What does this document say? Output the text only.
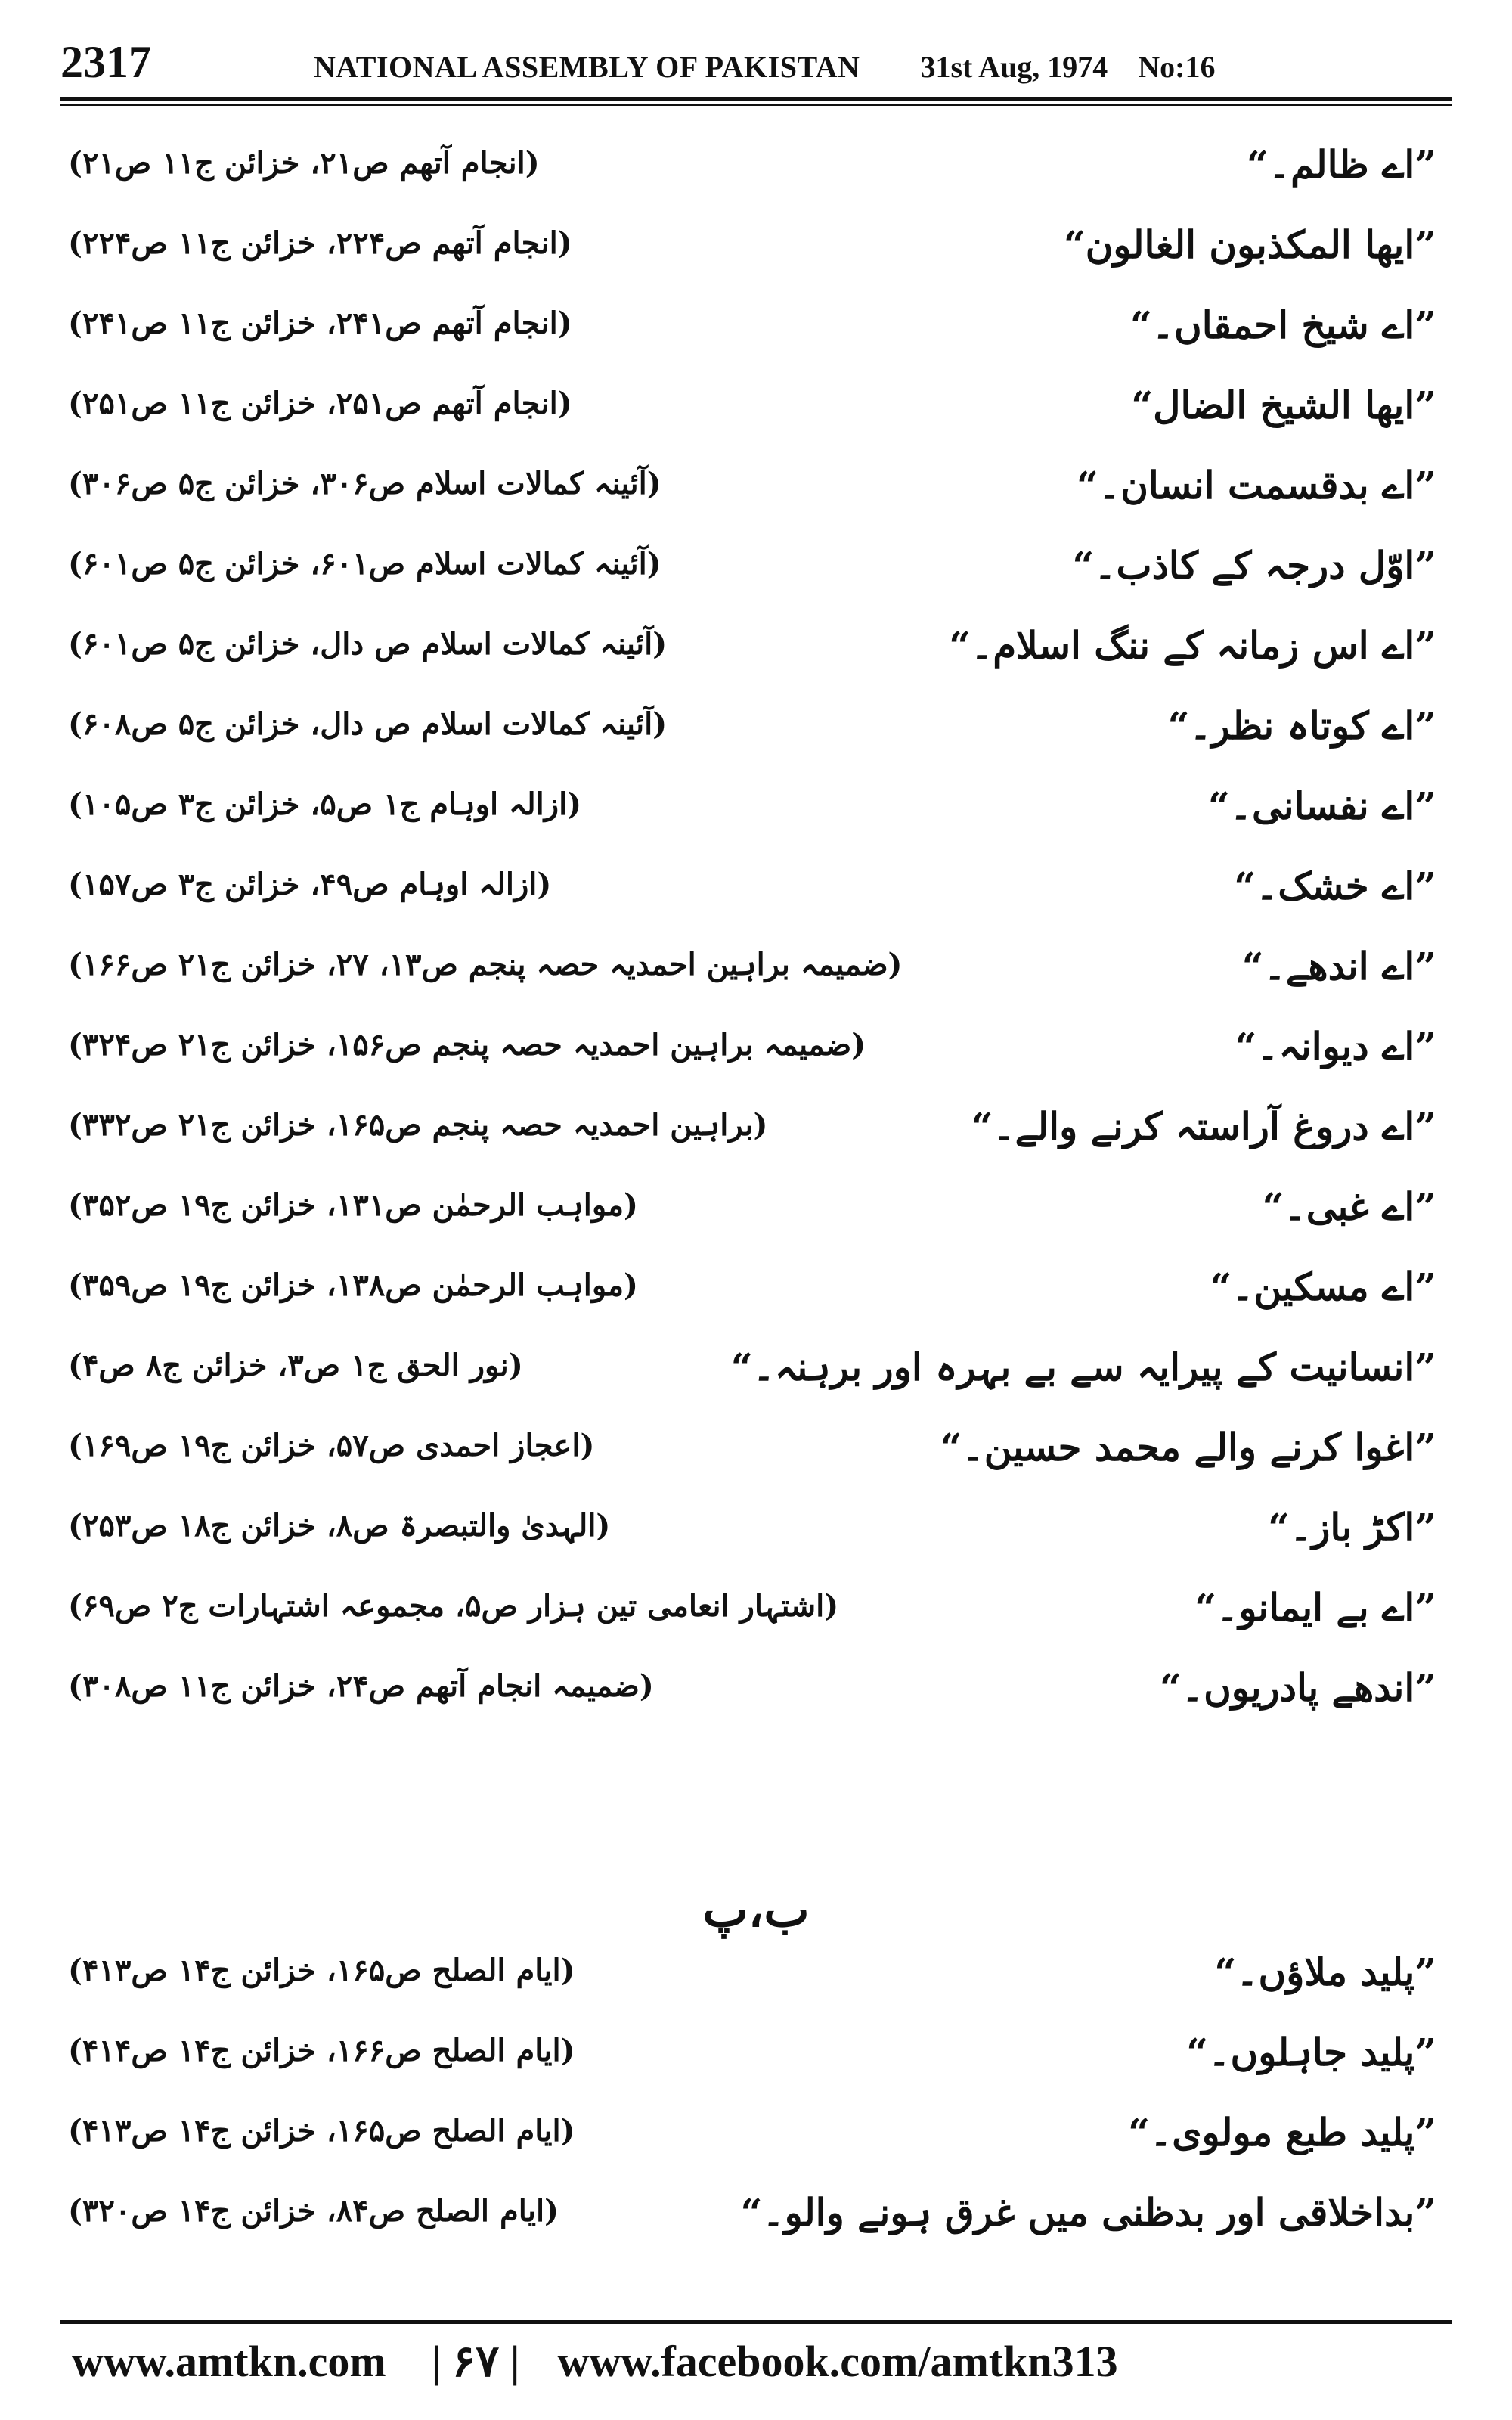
2317	NATIONAL ASSEMBLY OF PAKISTAN 31st Aug, 1974 No:16
”اے ظالم۔“
(انجام آتھم ص۲۱، خزائن ج۱۱ ص۲۱)
”ایھا المکذبون الغالون“
(انجام آتھم ص۲۲۴، خزائن ج۱۱ ص۲۲۴)
”اے شیخ احمقاں۔“
(انجام آتھم ص۲۴۱، خزائن ج۱۱ ص۲۴۱)
”ایھا الشیخ الضال“
(انجام آتھم ص۲۵۱، خزائن ج۱۱ ص۲۵۱)
”اے بدقسمت انسان۔“
(آئینہ کمالات اسلام ص۳۰۶، خزائن ج۵ ص۳۰۶)
”اوّل درجہ کے کاذب۔“
(آئینہ کمالات اسلام ص۶۰۱، خزائن ج۵ ص۶۰۱)
”اے اس زمانہ کے ننگ اسلام۔“
(آئینہ کمالات اسلام ص دال، خزائن ج۵ ص۶۰۱)
”اے کوتاہ نظر۔“
(آئینہ کمالات اسلام ص دال، خزائن ج۵ ص۶۰۸)
”اے نفسانی۔“
(ازالہ اوہام ج۱ ص۵، خزائن ج۳ ص۱۰۵)
”اے خشک۔“
(ازالہ اوہام ص۴۹، خزائن ج۳ ص۱۵۷)
”اے اندھے۔“
(ضمیمہ براہین احمدیہ حصہ پنجم ص۱۳، ۲۷، خزائن ج۲۱ ص۱۶۶)
”اے دیوانہ۔“
(ضمیمہ براہین احمدیہ حصہ پنجم ص۱۵۶، خزائن ج۲۱ ص۳۲۴)
”اے دروغ آراستہ کرنے والے۔“
(براہین احمدیہ حصہ پنجم ص۱۶۵، خزائن ج۲۱ ص۳۳۲)
”اے غبی۔“
(مواہب الرحمٰن ص۱۳۱، خزائن ج۱۹ ص۳۵۲)
”اے مسکین۔“
(مواہب الرحمٰن ص۱۳۸، خزائن ج۱۹ ص۳۵۹)
”انسانیت کے پیرایہ سے بے بہرہ اور برہنہ۔“
(نور الحق ج۱ ص۳، خزائن ج۸ ص۴)
”اغوا کرنے والے محمد حسین۔“
(اعجاز احمدی ص۵۷، خزائن ج۱۹ ص۱۶۹)
”اکڑ باز۔“
(الہدیٰ والتبصرۃ ص۸، خزائن ج۱۸ ص۲۵۳)
”اے بے ایمانو۔“
(اشتہار انعامی تین ہزار ص۵، مجموعہ اشتہارات ج۲ ص۶۹)
”اندھے پادریوں۔“
(ضمیمہ انجام آتھم ص۲۴، خزائن ج۱۱ ص۳۰۸)
ب،پ
”پلید ملاؤں۔“
(ایام الصلح ص۱۶۵، خزائن ج۱۴ ص۴۱۳)
”پلید جاہلوں۔“
(ایام الصلح ص۱۶۶، خزائن ج۱۴ ص۴۱۴)
”پلید طبع مولوی۔“
(ایام الصلح ص۱۶۵، خزائن ج۱۴ ص۴۱۳)
”بداخلاقی اور بدظنی میں غرق ہونے والو۔“
(ایام الصلح ص۸۴، خزائن ج۱۴ ص۳۲۰)
www.amtkn.com | ۶۷ | www.facebook.com/amtkn313
